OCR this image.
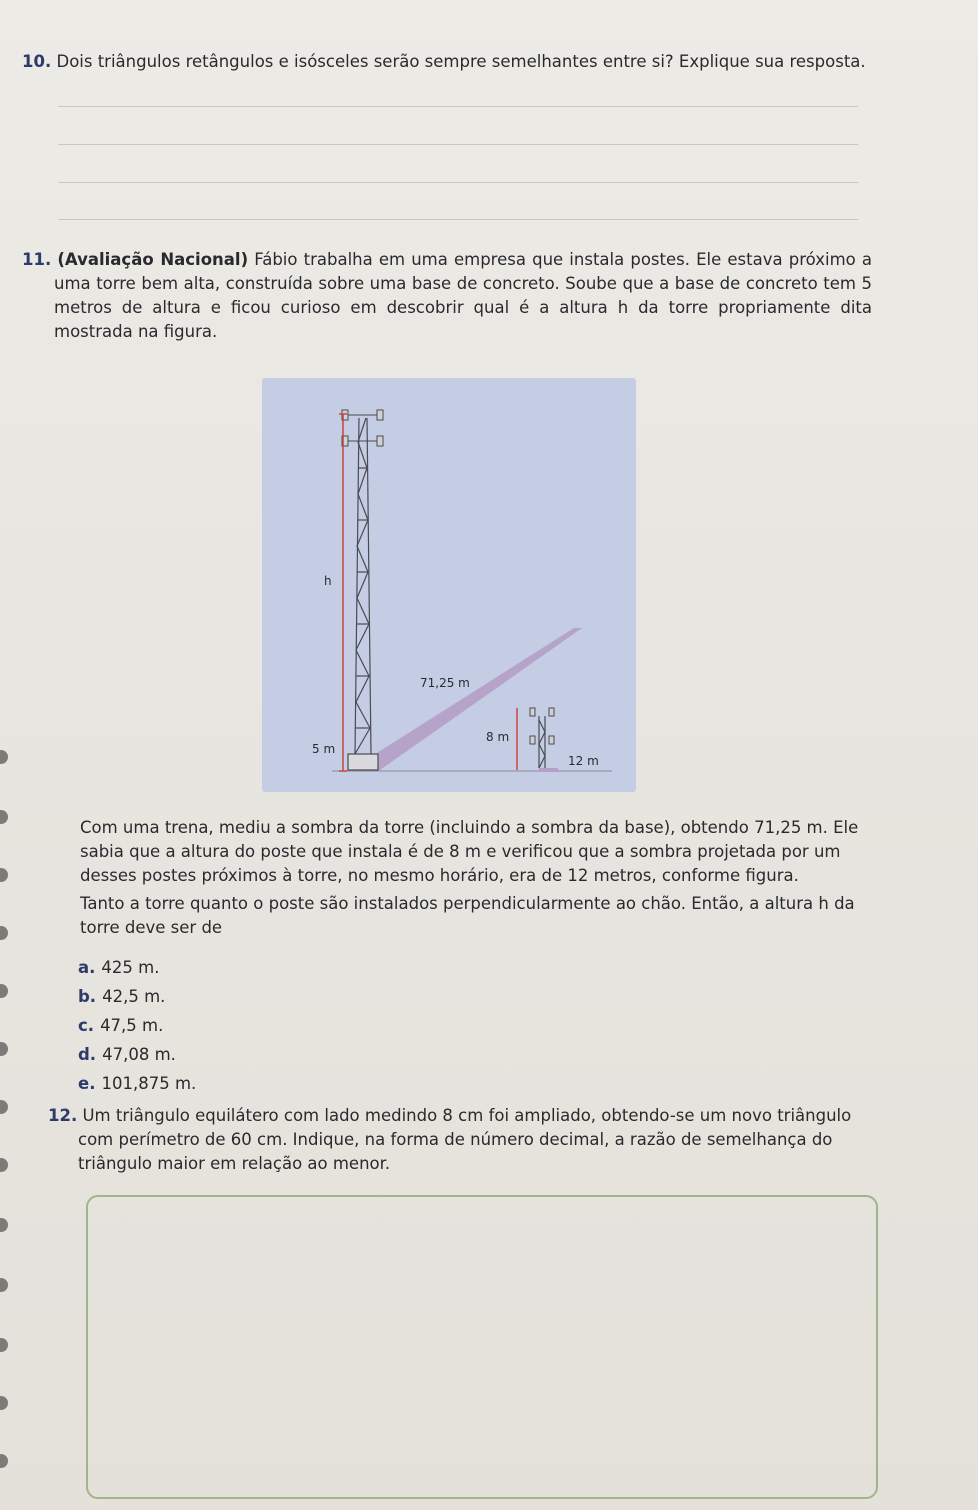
10. Dois triângulos retângulos e isósceles serão sempre semelhantes entre si? Explique sua resposta.

11. (Avaliação Nacional) Fábio trabalha em uma empresa que instala postes. Ele estava próximo a uma torre bem alta, construída sobre uma base de concreto. Soube que a base de concreto tem 5 metros de altura e ficou curioso em descobrir qual é a altura h da torre propriamente dita mostrada na figura.

h
71,25 m
5 m
8 m
12 m

Com uma trena, mediu a sombra da torre (incluindo a sombra da base), obtendo 71,25 m. Ele sabia que a altura do poste que instala é de 8 m e verificou que a sombra projetada por um desses postes próximos à torre, no mesmo horário, era de 12 metros, conforme figura.

Tanto a torre quanto o poste são instalados perpendicularmente ao chão. Então, a altura h da torre deve ser de

a. 425 m.
b. 42,5 m.
c. 47,5 m.
d. 47,08 m.
e. 101,875 m.

12. Um triângulo equilátero com lado medindo 8 cm foi ampliado, obtendo-se um novo triângulo com perímetro de 60 cm. Indique, na forma de número decimal, a razão de semelhança do triângulo maior em relação ao menor.
